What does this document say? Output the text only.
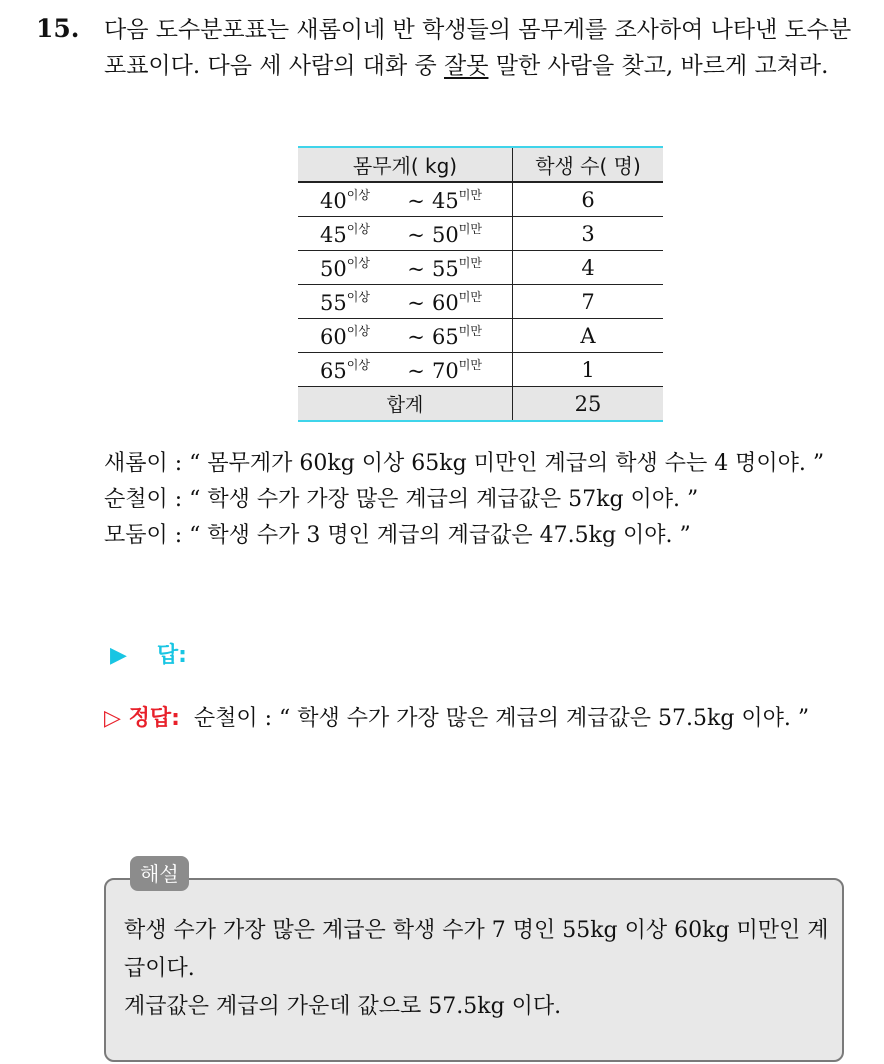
15. 다음 도수분포표는 새롬이네 반 학생들의 몸무게를 조사하여 나타낸 도수분포표이다. 다음 세 사람의 대화 중 잘못 말한 사람을 찾고, 바르게 고쳐라.
몸무게( kg)	학생 수( 명)
$40^{이상}$ ~ $45^{미만}$	6
$45^{이상}$ ~ $50^{미만}$	3
$50^{이상}$ ~ $55^{미만}$	4
$55^{이상}$ ~ $60^{미만}$	7
$60^{이상}$ ~ $65^{미만}$	A
$65^{이상}$ ~ $70^{미만}$	1
합계	25

새롬이 : “ 몸무게가 60kg 이상 65kg 미만인 계급의 학생 수는 4 명이야. ”

순철이 : “ 학생 수가 가장 많은 계급의 계급값은 57kg 이야. ”

모둠이 : “ 학생 수가 3 명인 계급의 계급값은 47.5kg 이야. ”

▶ 답:
▷ 정답: 순철이 : “ 학생 수가 가장 많은 계급의 계급값은 57.5kg 이야. ”
해설

학생 수가 가장 많은 계급은 학생 수가 7 명인 55kg 이상 60kg 미만인 계급이다.

계급값은 계급의 가운데 값으로 57.5kg 이다.
